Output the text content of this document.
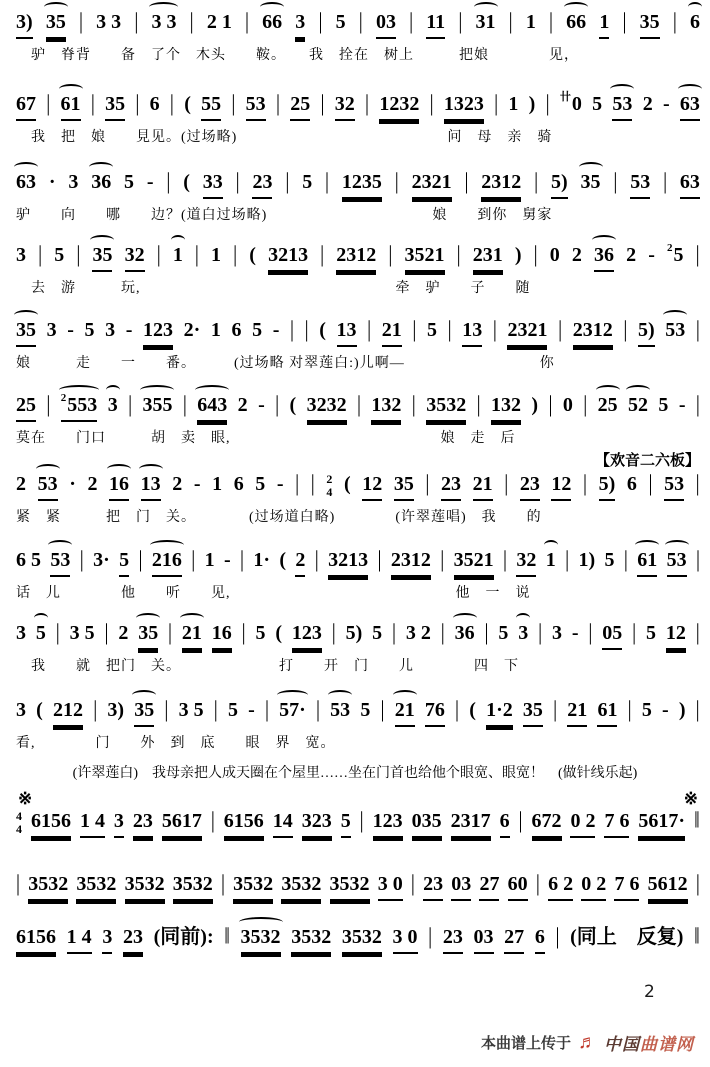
3) 35 | 3 3 | 3 3 | 2 1 | 66 3 | 5 | 03 | 11 | 31 | 1 | 66 1 | 35 | 6
　驴　脊背　　备　了个　木头　　鞍。　　我　拴在　树上　　　把娘　　　　见，
67 | 61 | 35 | 6 | ( 55 | 53 | 25 | 32 | 1232 | 1323 | 1 ) | $^卄$0 5 53 2 - 63
　我　把　娘　　見见。(过场略)　　　　　　　　　　　　　　问　母　亲　骑
63 · 3 36 5 - | ( 33 | 23 | 5 | 1235 | 2321 | 2312 | 5) 35 | 53 | 63
驴　　向　　哪　　边？(道白过场略)　　　　　　　　　　　娘　　到你　舅家
3 | 5 | 35 32 | 1 | 1 | ( 3213 | 2312 | 3521 | 231 ) | 0 2 36 2 - $^2$5 |
　去　游　　　玩,　　　　　　　　　　　　　　　　　牵　驴　　子　　随
35 3 - 5 3 - 123 2· 1 6 5 - | | ( 13 | 21 | 5 | 13 | 2321 | 2312 | 5) 53 |
娘　　　走　　一　　番。　　　(过场略 对翠莲白:)儿啊—　　　　　　　　　你
25 | $^2$553 3 | 355 | 643 2 - | ( 3232 | 132 | 3532 | 132 ) | 0 | 25 52 5 - |
莫在　　门口　　　胡　卖　眼,　　　　　　　　　　　　　　娘　走　后
2 53 · 2 16 13 2 - 1 6 5 - | | 2
4 ( 12 35 | 23 21 | 23 12 | 5) 6 | 53 |
紧　紧　　　把　门　关。　　　　(过场道白略)　　　　(许翠莲唱)　我　　的
6 5 53 | 3· 5 | 216 | 1 - | 1· ( 2 | 3213 | 2312 | 3521 | 32 1 | 1) 5 | 61 53 |
话　儿　　　　他　　听　　见,　　　　　　　　　　　　　　　他　一　说
3 5 | 3 5 | 2 35 | 21 16 | 5 ( 123 | 5) 5 | 3 2 | 36 | 5 3 | 3 - | 05 | 5 12 |
　我　　就　把门　关。　　　　　　　打　　开　门　　儿　　　　四　下
3 ( 212 | 3) 35 | 3 5 | 5 - | 57· | 53 5 | 21 76 | ( 1·2 35 | 21 61 | 5 - ) |
看,　　　　门　　外　到　底　　眼　界　宽。
※	※
4
4 6156 1 4 3 23 5617 | 6156 14 323 5 | 123 035 2317 6 | 672 0 2 7 6 5617· ‖
| 3532 3532 3532 3532 | 3532 3532 3532 3 0 | 23 03 27 60 | 6 2 0 2 7 6 5612 |
6156 1 4 3 23 (同前): ‖ 3532 3532 3532 3 0 | 23 03 27 6 | (同上　反复) ‖
【欢音二六板】
(许翠莲白)　我母亲把人成天圈在个屋里……坐在门首也给他个眼宽、眼宽！　(做针线乐起)
2
本曲谱上传于 ♬ 中国曲谱网
